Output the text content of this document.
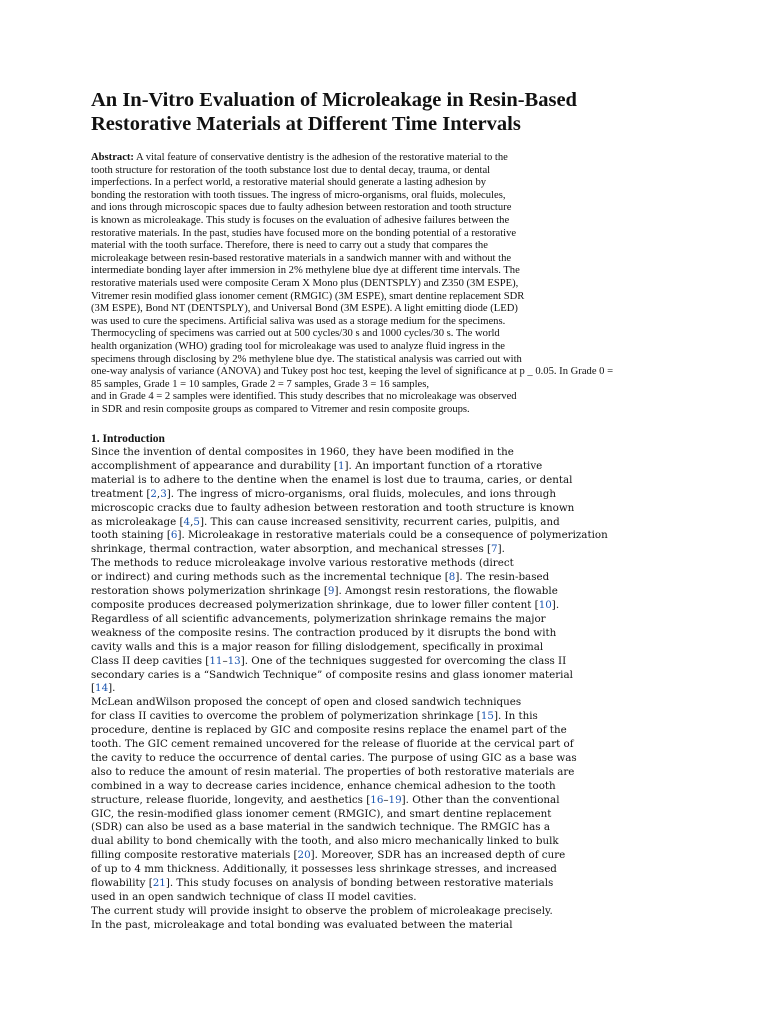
An In-Vitro Evaluation of Microleakage in Resin-Based
Restorative Materials at Different Time Intervals
Abstract: A vital feature of conservative dentistry is the adhesion of the restorative material to the
tooth structure for restoration of the tooth substance lost due to dental decay, trauma, or dental
imperfections. In a perfect world, a restorative material should generate a lasting adhesion by
bonding the restoration with tooth tissues. The ingress of micro-organisms, oral fluids, molecules,
and ions through microscopic spaces due to faulty adhesion between restoration and tooth structure
is known as microleakage. This study is focuses on the evaluation of adhesive failures between the
restorative materials. In the past, studies have focused more on the bonding potential of a restorative
material with the tooth surface. Therefore, there is need to carry out a study that compares the
microleakage between resin-based restorative materials in a sandwich manner with and without the
intermediate bonding layer after immersion in 2% methylene blue dye at different time intervals. The
restorative materials used were composite Ceram X Mono plus (DENTSPLY) and Z350 (3M ESPE),
Vitremer resin modified glass ionomer cement (RMGIC) (3M ESPE), smart dentine replacement SDR
(3M ESPE), Bond NT (DENTSPLY), and Universal Bond (3M ESPE). A light emitting diode (LED)
was used to cure the specimens. Artificial saliva was used as a storage medium for the specimens.
Thermocycling of specimens was carried out at 500 cycles/30 s and 1000 cycles/30 s. The world
health organization (WHO) grading tool for microleakage was used to analyze fluid ingress in the
specimens through disclosing by 2% methylene blue dye. The statistical analysis was carried out with
one-way analysis of variance (ANOVA) and Tukey post hoc test, keeping the level of significance at p _ 0.05. In Grade 0 =
85 samples, Grade 1 = 10 samples, Grade 2 = 7 samples, Grade 3 = 16 samples,
and in Grade 4 = 2 samples were identified. This study describes that no microleakage was observed
in SDR and resin composite groups as compared to Vitremer and resin composite groups.
1. Introduction
Since the invention of dental composites in 1960, they have been modified in the
accomplishment of appearance and durability [1]. An important function of a rtorative
material is to adhere to the dentine when the enamel is lost due to trauma, caries, or dental
treatment [2,3]. The ingress of micro-organisms, oral fluids, molecules, and ions through
microscopic cracks due to faulty adhesion between restoration and tooth structure is known
as microleakage [4,5]. This can cause increased sensitivity, recurrent caries, pulpitis, and
tooth staining [6]. Microleakage in restorative materials could be a consequence of polymerization
shrinkage, thermal contraction, water absorption, and mechanical stresses [7].
The methods to reduce microleakage involve various restorative methods (direct
or indirect) and curing methods such as the incremental technique [8]. The resin-based
restoration shows polymerization shrinkage [9]. Amongst resin restorations, the flowable
composite produces decreased polymerization shrinkage, due to lower filler content [10].
Regardless of all scientific advancements, polymerization shrinkage remains the major
weakness of the composite resins. The contraction produced by it disrupts the bond with
cavity walls and this is a major reason for filling dislodgement, specifically in proximal
Class II deep cavities [11–13]. One of the techniques suggested for overcoming the class II
secondary caries is a “Sandwich Technique” of composite resins and glass ionomer material
[14].
McLean andWilson proposed the concept of open and closed sandwich techniques
for class II cavities to overcome the problem of polymerization shrinkage [15]. In this
procedure, dentine is replaced by GIC and composite resins replace the enamel part of the
tooth. The GIC cement remained uncovered for the release of fluoride at the cervical part of
the cavity to reduce the occurrence of dental caries. The purpose of using GIC as a base was
also to reduce the amount of resin material. The properties of both restorative materials are
combined in a way to decrease caries incidence, enhance chemical adhesion to the tooth
structure, release fluoride, longevity, and aesthetics [16–19]. Other than the conventional
GIC, the resin-modified glass ionomer cement (RMGIC), and smart dentine replacement
(SDR) can also be used as a base material in the sandwich technique. The RMGIC has a
dual ability to bond chemically with the tooth, and also micro mechanically linked to bulk
filling composite restorative materials [20]. Moreover, SDR has an increased depth of cure
of up to 4 mm thickness. Additionally, it possesses less shrinkage stresses, and increased
flowability [21]. This study focuses on analysis of bonding between restorative materials
used in an open sandwich technique of class II model cavities.
The current study will provide insight to observe the problem of microleakage precisely.
In the past, microleakage and total bonding was evaluated between the material
